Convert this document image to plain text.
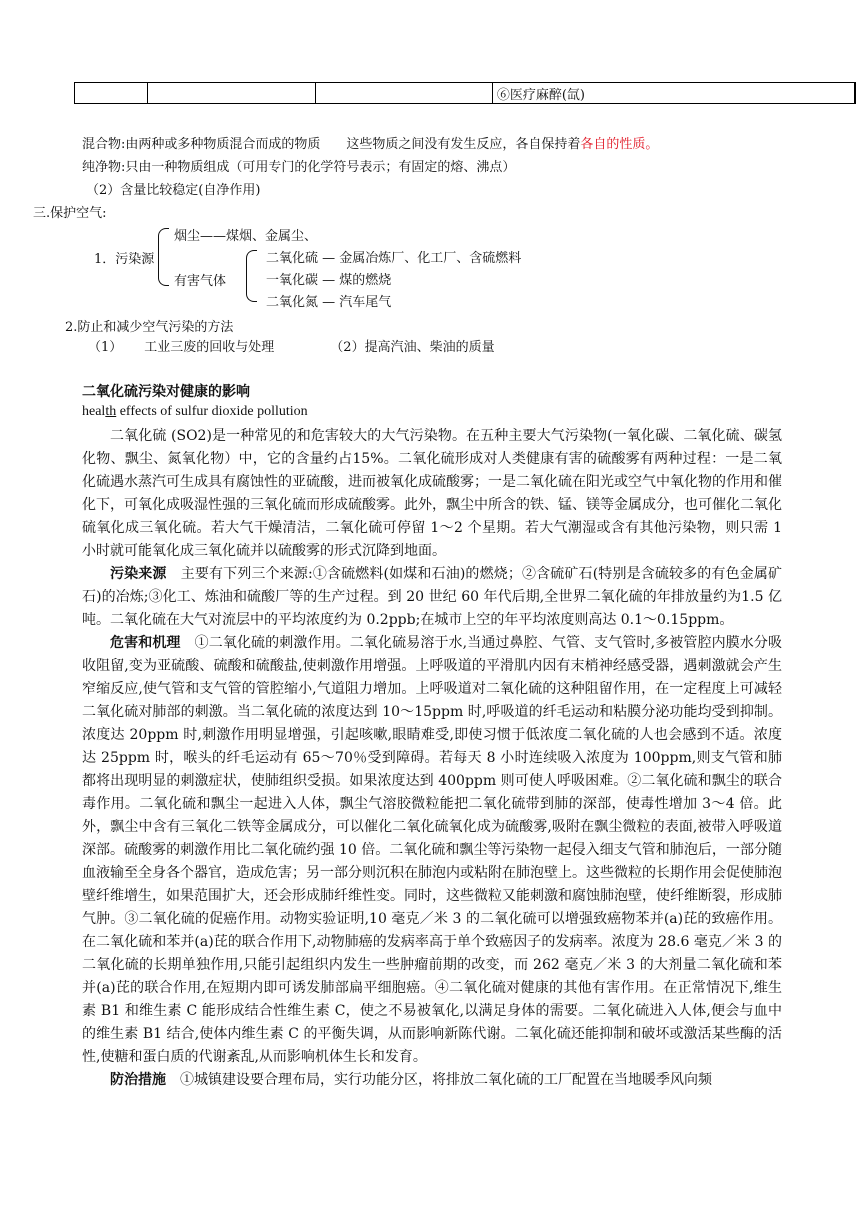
			⑥医疗麻醉(氙)	
混合物:由两种或多种物质混合而成的物质 这些物质之间没有发生反应，各自保持着各自的性质。
纯净物:只由一种物质组成（可用专门的化学符号表示；有固定的熔、沸点）
（2）含量比较稳定(自净作用)
三.保护空气:
1．污染源
烟尘——煤烟、金属尘、
有害气体
二氧化硫 — 金属冶炼厂、化工厂、含硫燃料
一氧化碳 — 煤的燃烧
二氧化氮 — 汽车尾气
2.防止和减少空气污染的方法
（1） 工业三废的回收与处理	（2）提高汽油、柴油的质量
二氧化硫污染对健康的影响
health effects of sulfur dioxide pollution

二氧化硫 (SO2)是一种常见的和危害较大的大气污染物。在五种主要大气污染物(一氧化碳、二氧化硫、碳氢化物、飘尘、氮氧化物）中，它的含量约占15%。二氧化硫形成对人类健康有害的硫酸雾有两种过程：一是二氧化硫遇水蒸汽可生成具有腐蚀性的亚硫酸，进而被氧化成硫酸雾；一是二氧化硫在阳光或空气中氧化物的作用和催化下，可氧化成吸湿性强的三氧化硫而形成硫酸雾。此外，飘尘中所含的铁、锰、镁等金属成分，也可催化二氧化硫氧化成三氧化硫。若大气干燥清洁，二氧化硫可停留 1～2 个星期。若大气潮湿或含有其他污染物，则只需 1 小时就可能氧化成三氧化硫并以硫酸雾的形式沉降到地面。

污染来源 主要有下列三个来源:①含硫燃料(如煤和石油)的燃烧；②含硫矿石(特别是含硫较多的有色金属矿石)的冶炼;③化工、炼油和硫酸厂等的生产过程。到 20 世纪 60 年代后期,全世界二氧化硫的年排放量约为1.5 亿吨。二氧化硫在大气对流层中的平均浓度约为 0.2ppb;在城市上空的年平均浓度则高达 0.1～0.15ppm。

危害和机理 ①二氧化硫的刺激作用。二氧化硫易溶于水,当通过鼻腔、气管、支气管时,多被管腔内膜水分吸收阻留,变为亚硫酸、硫酸和硫酸盐,使刺激作用增强。上呼吸道的平滑肌内因有末梢神经感受器，遇刺激就会产生窄缩反应,使气管和支气管的管腔缩小,气道阻力增加。上呼吸道对二氧化硫的这种阻留作用，在一定程度上可减轻二氧化硫对肺部的刺激。当二氧化硫的浓度达到 10～15ppm 时,呼吸道的纤毛运动和粘膜分泌功能均受到抑制。浓度达 20ppm 时,刺激作用明显增强，引起咳嗽,眼睛难受,即使习惯于低浓度二氧化硫的人也会感到不适。浓度达 25ppm 时，喉头的纤毛运动有 65～70％受到障碍。若每天 8 小时连续吸入浓度为 100ppm,则支气管和肺都将出现明显的刺激症状，使肺组织受损。如果浓度达到 400ppm 则可使人呼吸困难。②二氧化硫和飘尘的联合毒作用。二氧化硫和飘尘一起进入人体，飘尘气溶胶微粒能把二氧化硫带到肺的深部，使毒性增加 3～4 倍。此外，飘尘中含有三氧化二铁等金属成分，可以催化二氧化硫氧化成为硫酸雾,吸附在飘尘微粒的表面,被带入呼吸道深部。硫酸雾的刺激作用比二氧化硫约强 10 倍。二氧化硫和飘尘等污染物一起侵入细支气管和肺泡后，一部分随血液输至全身各个器官，造成危害；另一部分则沉积在肺泡内或粘附在肺泡壁上。这些微粒的长期作用会促使肺泡壁纤维增生，如果范围扩大，还会形成肺纤维性变。同时，这些微粒又能刺激和腐蚀肺泡壁，使纤维断裂，形成肺气肿。③二氧化硫的促癌作用。动物实验证明,10 毫克／米 3 的二氧化硫可以增强致癌物苯并(a)芘的致癌作用。在二氧化硫和苯并(a)芘的联合作用下,动物肺癌的发病率高于单个致癌因子的发病率。浓度为 28.6 毫克／米 3 的二氧化硫的长期单独作用,只能引起组织内发生一些肿瘤前期的改变，而 262 毫克／米 3 的大剂量二氧化硫和苯并(a)芘的联合作用,在短期内即可诱发肺部扁平细胞癌。④二氧化硫对健康的其他有害作用。在正常情况下,维生素 B1 和维生素 C 能形成结合性维生素 C，使之不易被氧化,以满足身体的需要。二氧化硫进入人体,便会与血中的维生素 B1 结合,使体内维生素 C 的平衡失调，从而影响新陈代谢。二氧化硫还能抑制和破坏或激活某些酶的活性,使糖和蛋白质的代谢紊乱,从而影响机体生长和发育。

防治措施 ①城镇建设要合理布局，实行功能分区，将排放二氧化硫的工厂配置在当地暖季风向频
